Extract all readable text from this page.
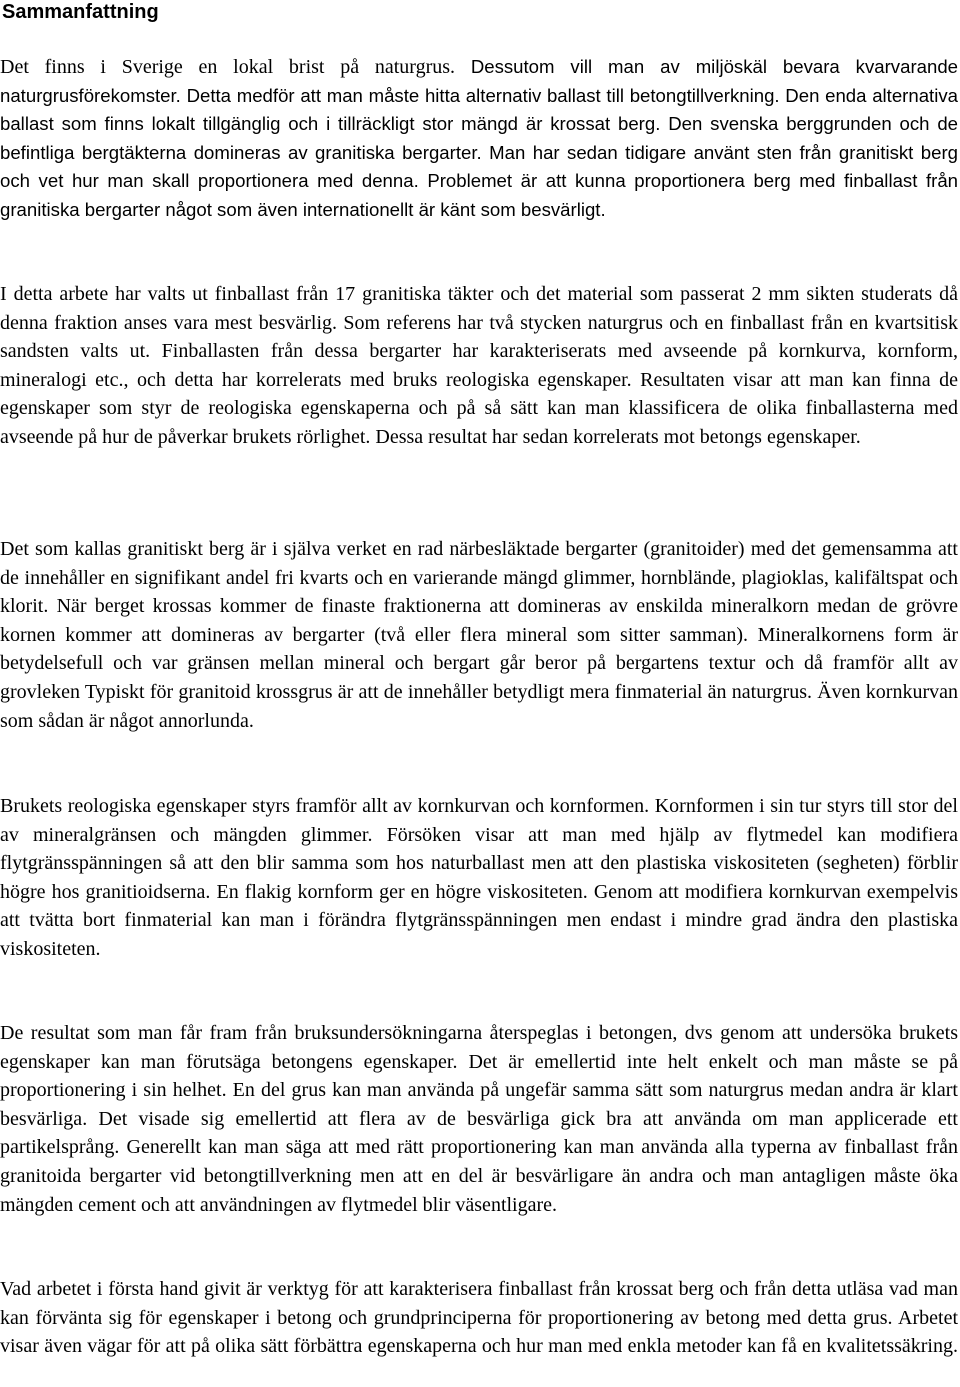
Sammanfattning

Det finns i Sverige en lokal brist på naturgrus. Dessutom vill man av miljöskäl bevara kvarvarande naturgrusförekomster. Detta medför att man måste hitta alternativ ballast till betongtillverkning. Den enda alternativa ballast som finns lokalt tillgänglig och i tillräckligt stor mängd är krossat berg. Den svenska berggrunden och de befintliga bergtäkterna domineras av granitiska bergarter. Man har sedan tidigare använt sten från granitiskt berg och vet hur man skall proportionera med denna. Problemet är att kunna proportionera berg med finballast från granitiska bergarter något som även internationellt är känt som besvärligt.

I detta arbete har valts ut finballast från 17 granitiska täkter och det material som passerat 2 mm sikten studerats då denna fraktion anses vara mest besvärlig. Som referens har två stycken naturgrus och en finballast från en kvartsitisk sandsten valts ut. Finballasten från dessa bergarter har karakteriserats med avseende på kornkurva, kornform, mineralogi etc., och detta har korrelerats med bruks reologiska egenskaper. Resultaten visar att man kan finna de egenskaper som styr de reologiska egenskaperna och på så sätt kan man klassificera de olika finballasterna med avseende på hur de påverkar brukets rörlighet. Dessa resultat har sedan korrelerats mot betongs egenskaper.

Det som kallas granitiskt berg är i själva verket en rad närbesläktade bergarter (granitoider) med det gemensamma att de innehåller en signifikant andel fri kvarts och en varierande mängd glimmer, hornblände, plagioklas, kalifältspat och klorit. När berget krossas kommer de finaste fraktionerna att domineras av enskilda mineralkorn medan de grövre kornen kommer att domineras av bergarter (två eller flera mineral som sitter samman). Mineralkornens form är betydelsefull och var gränsen mellan mineral och bergart går beror på bergartens textur och då framför allt av grovleken Typiskt för granitoid krossgrus är att de innehåller betydligt mera finmaterial än naturgrus. Även kornkurvan som sådan är något annorlunda.

Brukets reologiska egenskaper styrs framför allt av kornkurvan och kornformen. Kornformen i sin tur styrs till stor del av mineralgränsen och mängden glimmer. Försöken visar att man med hjälp av flytmedel kan modifiera flytgränsspänningen så att den blir samma som hos naturballast men att den plastiska viskositeten (segheten) förblir högre hos granitioidserna. En flakig kornform ger en högre viskositeten. Genom att modifiera kornkurvan exempelvis att tvätta bort finmaterial kan man i förändra flytgränsspänningen men endast i mindre grad ändra den plastiska viskositeten.

De resultat som man får fram från bruksundersökningarna återspeglas i betongen, dvs genom att undersöka brukets egenskaper kan man förutsäga betongens egenskaper. Det är emellertid inte helt enkelt och man måste se på proportionering i sin helhet. En del grus kan man använda på ungefär samma sätt som naturgrus medan andra är klart besvärliga. Det visade sig emellertid att flera av de besvärliga gick bra att använda om man applicerade ett partikelsprång. Generellt kan man säga att med rätt proportionering kan man använda alla typerna av finballast från granitoida bergarter vid betongtillverkning men att en del är besvärligare än andra och man antagligen måste öka mängden cement och att användningen av flytmedel blir väsentligare.

Vad arbetet i första hand givit är verktyg för att karakterisera finballast från krossat berg och från detta utläsa vad man kan förvänta sig för egenskaper i betong och grundprinciperna för proportionering av betong med detta grus. Arbetet visar även vägar för att på olika sätt förbättra egenskaperna och hur man med enkla metoder kan få en kvalitetssäkring.
